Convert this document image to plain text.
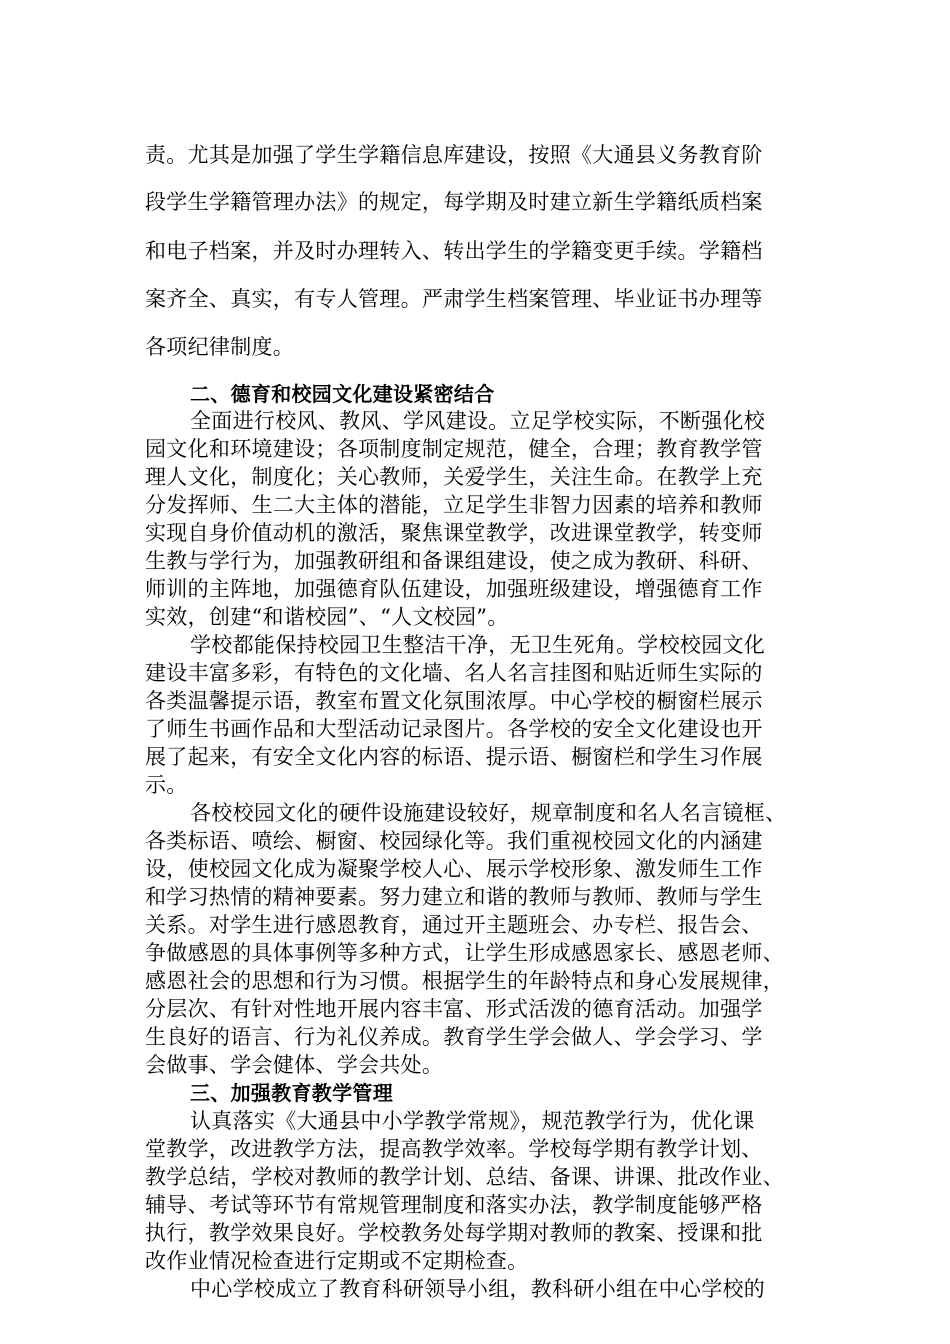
责。尤其是加强了学生学籍信息库建设，按照《大通县义务教育阶
段学生学籍管理办法》的规定，每学期及时建立新生学籍纸质档案
和电子档案，并及时办理转入、转出学生的学籍变更手续。学籍档
案齐全、真实，有专人管理。严肃学生档案管理、毕业证书办理等
各项纪律制度。
二、德育和校园文化建设紧密结合
全面进行校风、教风、学风建设。立足学校实际，不断强化校
园文化和环境建设；各项制度制定规范，健全，合理；教育教学管
理人文化，制度化；关心教师，关爱学生，关注生命。在教学上充
分发挥师、生二大主体的潜能，立足学生非智力因素的培养和教师
实现自身价值动机的激活，聚焦课堂教学，改进课堂教学，转变师
生教与学行为，加强教研组和备课组建设，使之成为教研、科研、
师训的主阵地，加强德育队伍建设，加强班级建设，增强德育工作
实效，创建“和谐校园”、“人文校园”。
学校都能保持校园卫生整洁干净，无卫生死角。学校校园文化
建设丰富多彩，有特色的文化墙、名人名言挂图和贴近师生实际的
各类温馨提示语，教室布置文化氛围浓厚。中心学校的橱窗栏展示
了师生书画作品和大型活动记录图片。各学校的安全文化建设也开
展了起来，有安全文化内容的标语、提示语、橱窗栏和学生习作展
示。
各校校园文化的硬件设施建设较好，规章制度和名人名言镜框、
各类标语、喷绘、橱窗、校园绿化等。我们重视校园文化的内涵建
设，使校园文化成为凝聚学校人心、展示学校形象、激发师生工作
和学习热情的精神要素。努力建立和谐的教师与教师、教师与学生
关系。对学生进行感恩教育，通过开主题班会、办专栏、报告会、
争做感恩的具体事例等多种方式，让学生形成感恩家长、感恩老师、
感恩社会的思想和行为习惯。根据学生的年龄特点和身心发展规律，
分层次、有针对性地开展内容丰富、形式活泼的德育活动。加强学
生良好的语言、行为礼仪养成。教育学生学会做人、学会学习、学
会做事、学会健体、学会共处。
三、加强教育教学管理
认真落实《大通县中小学教学常规》，规范教学行为，优化课
堂教学，改进教学方法，提高教学效率。学校每学期有教学计划、
教学总结，学校对教师的教学计划、总结、备课、讲课、批改作业、
辅导、考试等环节有常规管理制度和落实办法，教学制度能够严格
执行，教学效果良好。学校教务处每学期对教师的教案、授课和批
改作业情况检查进行定期或不定期检查。
中心学校成立了教育科研领导小组，教科研小组在中心学校的
